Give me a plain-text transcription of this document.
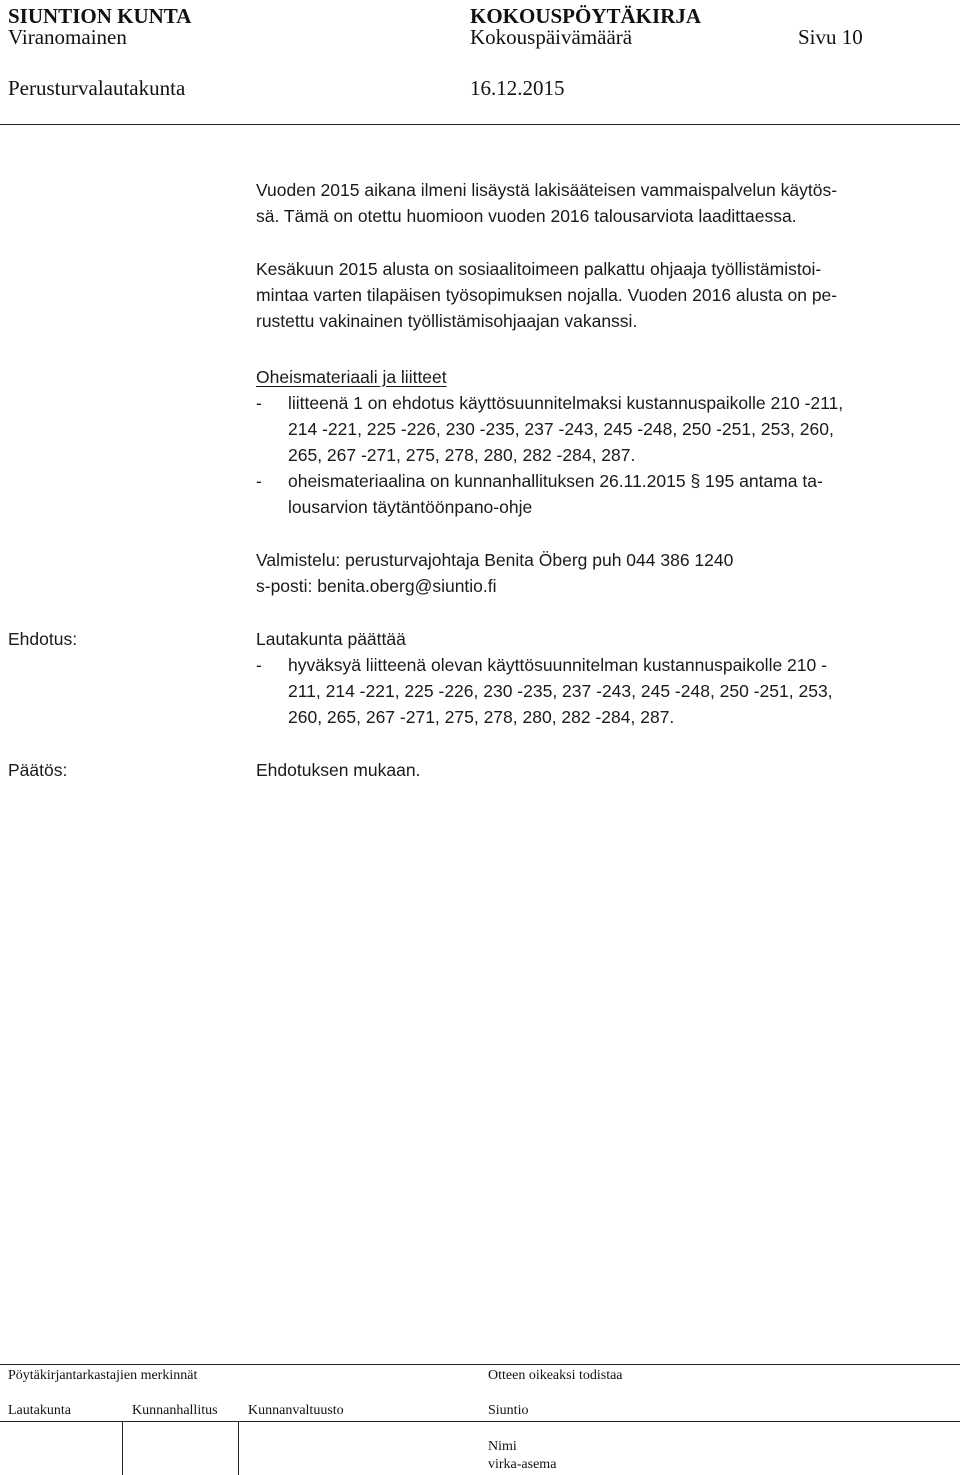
SIUNTION KUNTA	KOKOUSPÖYTÄKIRJA
Viranomainen	Kokouspäivämäärä	Sivu 10
Perusturvalautakunta	16.12.2015
Vuoden 2015 aikana ilmeni lisäystä lakisääteisen vammaispalvelun käytös-
sä. Tämä on otettu huomioon vuoden 2016 talousarviota laadittaessa.
Kesäkuun 2015 alusta on sosiaalitoimeen palkattu ohjaaja työllistämistoi-
mintaa varten tilapäisen työsopimuksen nojalla. Vuoden 2016 alusta on pe-
rustettu vakinainen työllistämisohjaajan vakanssi.
Oheismateriaali ja liitteet
-	liitteenä 1 on ehdotus käyttösuunnitelmaksi kustannuspaikolle 210 -211,
214 -221, 225 -226, 230 -235, 237 -243, 245 -248, 250 -251, 253, 260,
265, 267 -271, 275, 278, 280, 282 -284, 287.
-	oheismateriaalina on kunnanhallituksen 26.11.2015 § 195 antama ta-
lousarvion täytäntöönpano-ohje
Valmistelu: perusturvajohtaja Benita Öberg puh 044 386 1240
s-posti: benita.oberg@siuntio.fi
Ehdotus:	Lautakunta päättää
-	hyväksyä liitteenä olevan käyttösuunnitelman kustannuspaikolle 210 -
211, 214 -221, 225 -226, 230 -235, 237 -243, 245 -248, 250 -251, 253,
260, 265, 267 -271, 275, 278, 280, 282 -284, 287.
Päätös:	Ehdotuksen mukaan.
Pöytäkirjantarkastajien merkinnät	Otteen oikeaksi todistaa
Lautakunta	Kunnanhallitus Kunnanvaltuusto	Siuntio
Nimi
virka-asema
